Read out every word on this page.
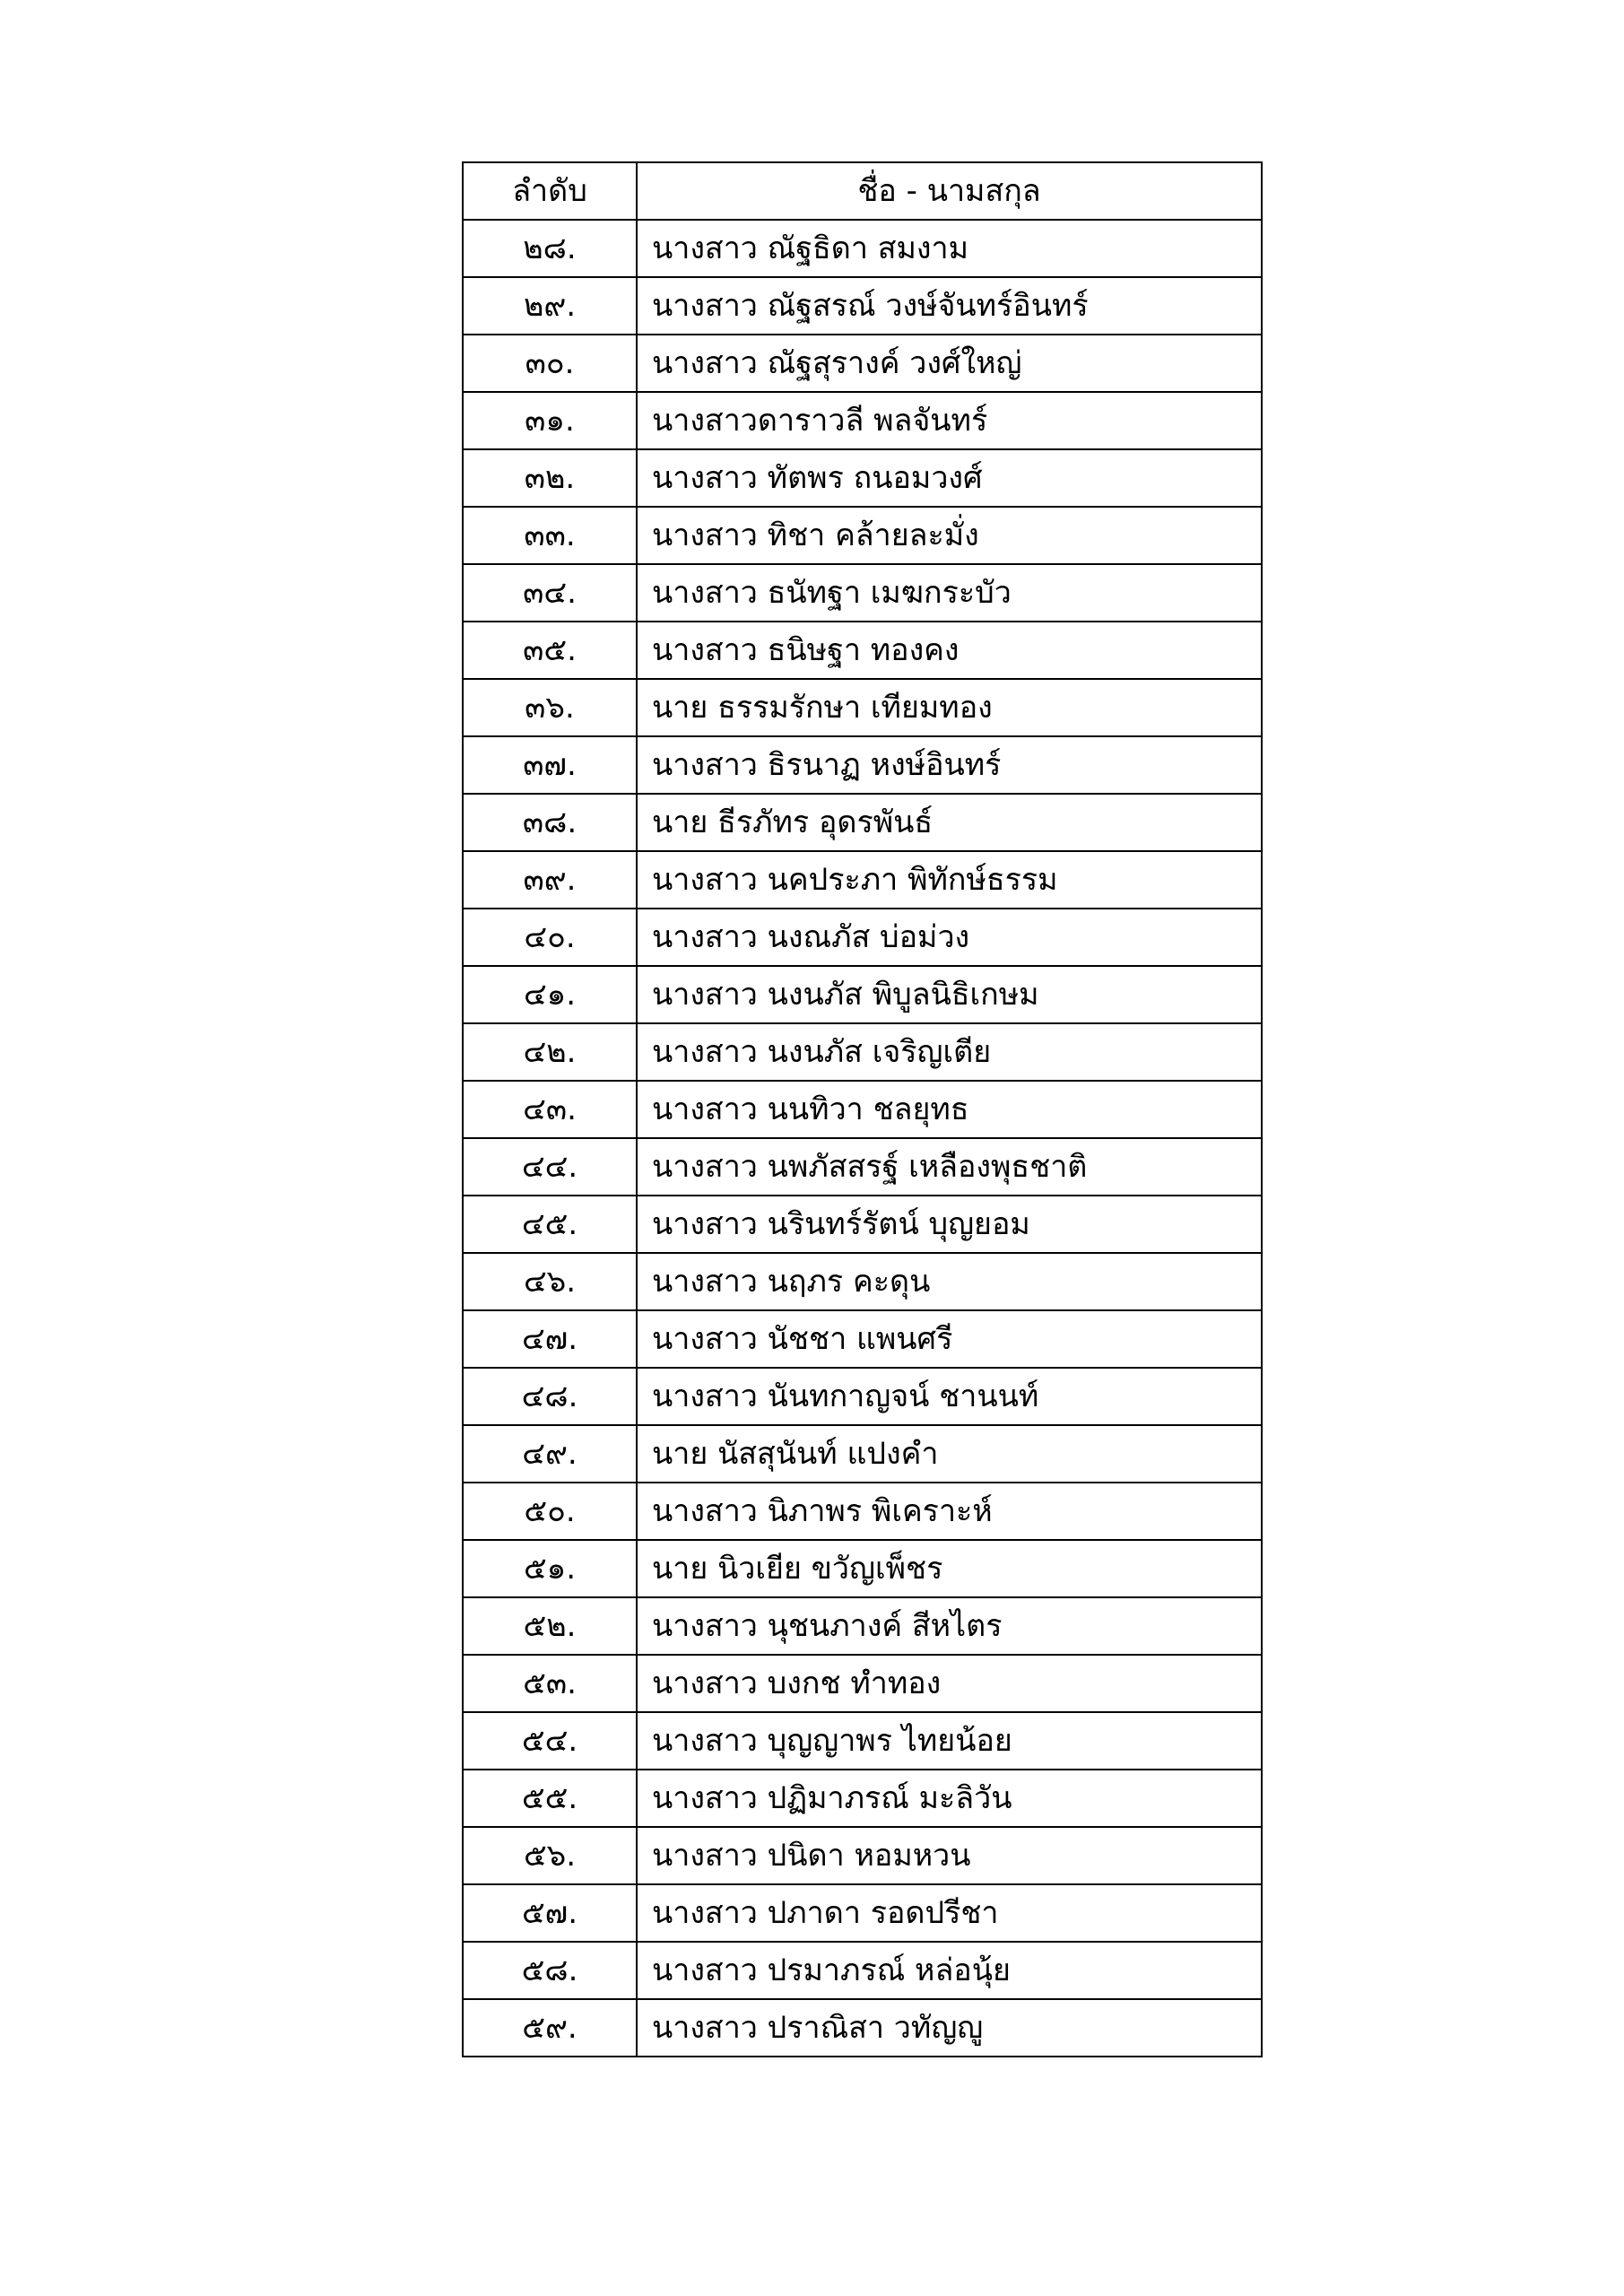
ลำดับ	ชื่อ - นามสกุล
๒๘.	นางสาว ณัฐธิดา สมงาม
๒๙.	นางสาว ณัฐสรณ์ วงษ์จันทร์อินทร์
๓๐.	นางสาว ณัฐสุรางค์ วงศ์ใหญ่
๓๑.	นางสาวดาราวลี พลจันทร์
๓๒.	นางสาว ทัตพร ถนอมวงศ์
๓๓.	นางสาว ทิชา คล้ายละมั่ง
๓๔.	นางสาว ธนัทฐา เมฆกระบัว
๓๕.	นางสาว ธนิษฐา ทองคง
๓๖.	นาย ธรรมรักษา เทียมทอง
๓๗.	นางสาว ธิรนาฏ หงษ์อินทร์
๓๘.	นาย ธีรภัทร อุดรพันธ์
๓๙.	นางสาว นคประภา พิทักษ์ธรรม
๔๐.	นางสาว นงณภัส บ่อม่วง
๔๑.	นางสาว นงนภัส พิบูลนิธิเกษม
๔๒.	นางสาว นงนภัส เจริญเตีย
๔๓.	นางสาว นนทิวา ชลยุทธ
๔๔.	นางสาว นพภัสสรฐ์ เหลืองพุธชาติ
๔๕.	นางสาว นรินทร์รัตน์ บุญยอม
๔๖.	นางสาว นฤภร คะดุน
๔๗.	นางสาว นัชชา แพนศรี
๔๘.	นางสาว นันทกาญจน์ ชานนท์
๔๙.	นาย นัสสุนันท์ แปงคำ
๕๐.	นางสาว นิภาพร พิเคราะห์
๕๑.	นาย นิวเยีย ขวัญเพ็ชร
๕๒.	นางสาว นุชนภางค์ สีหไตร
๕๓.	นางสาว บงกช ทำทอง
๕๔.	นางสาว บุญญาพร ไทยน้อย
๕๕.	นางสาว ปฏิมาภรณ์ มะลิวัน
๕๖.	นางสาว ปนิดา หอมหวน
๕๗.	นางสาว ปภาดา รอดปรีชา
๕๘.	นางสาว ปรมาภรณ์ หล่อนุ้ย
๕๙.	นางสาว ปราณิสา วทัญญู
